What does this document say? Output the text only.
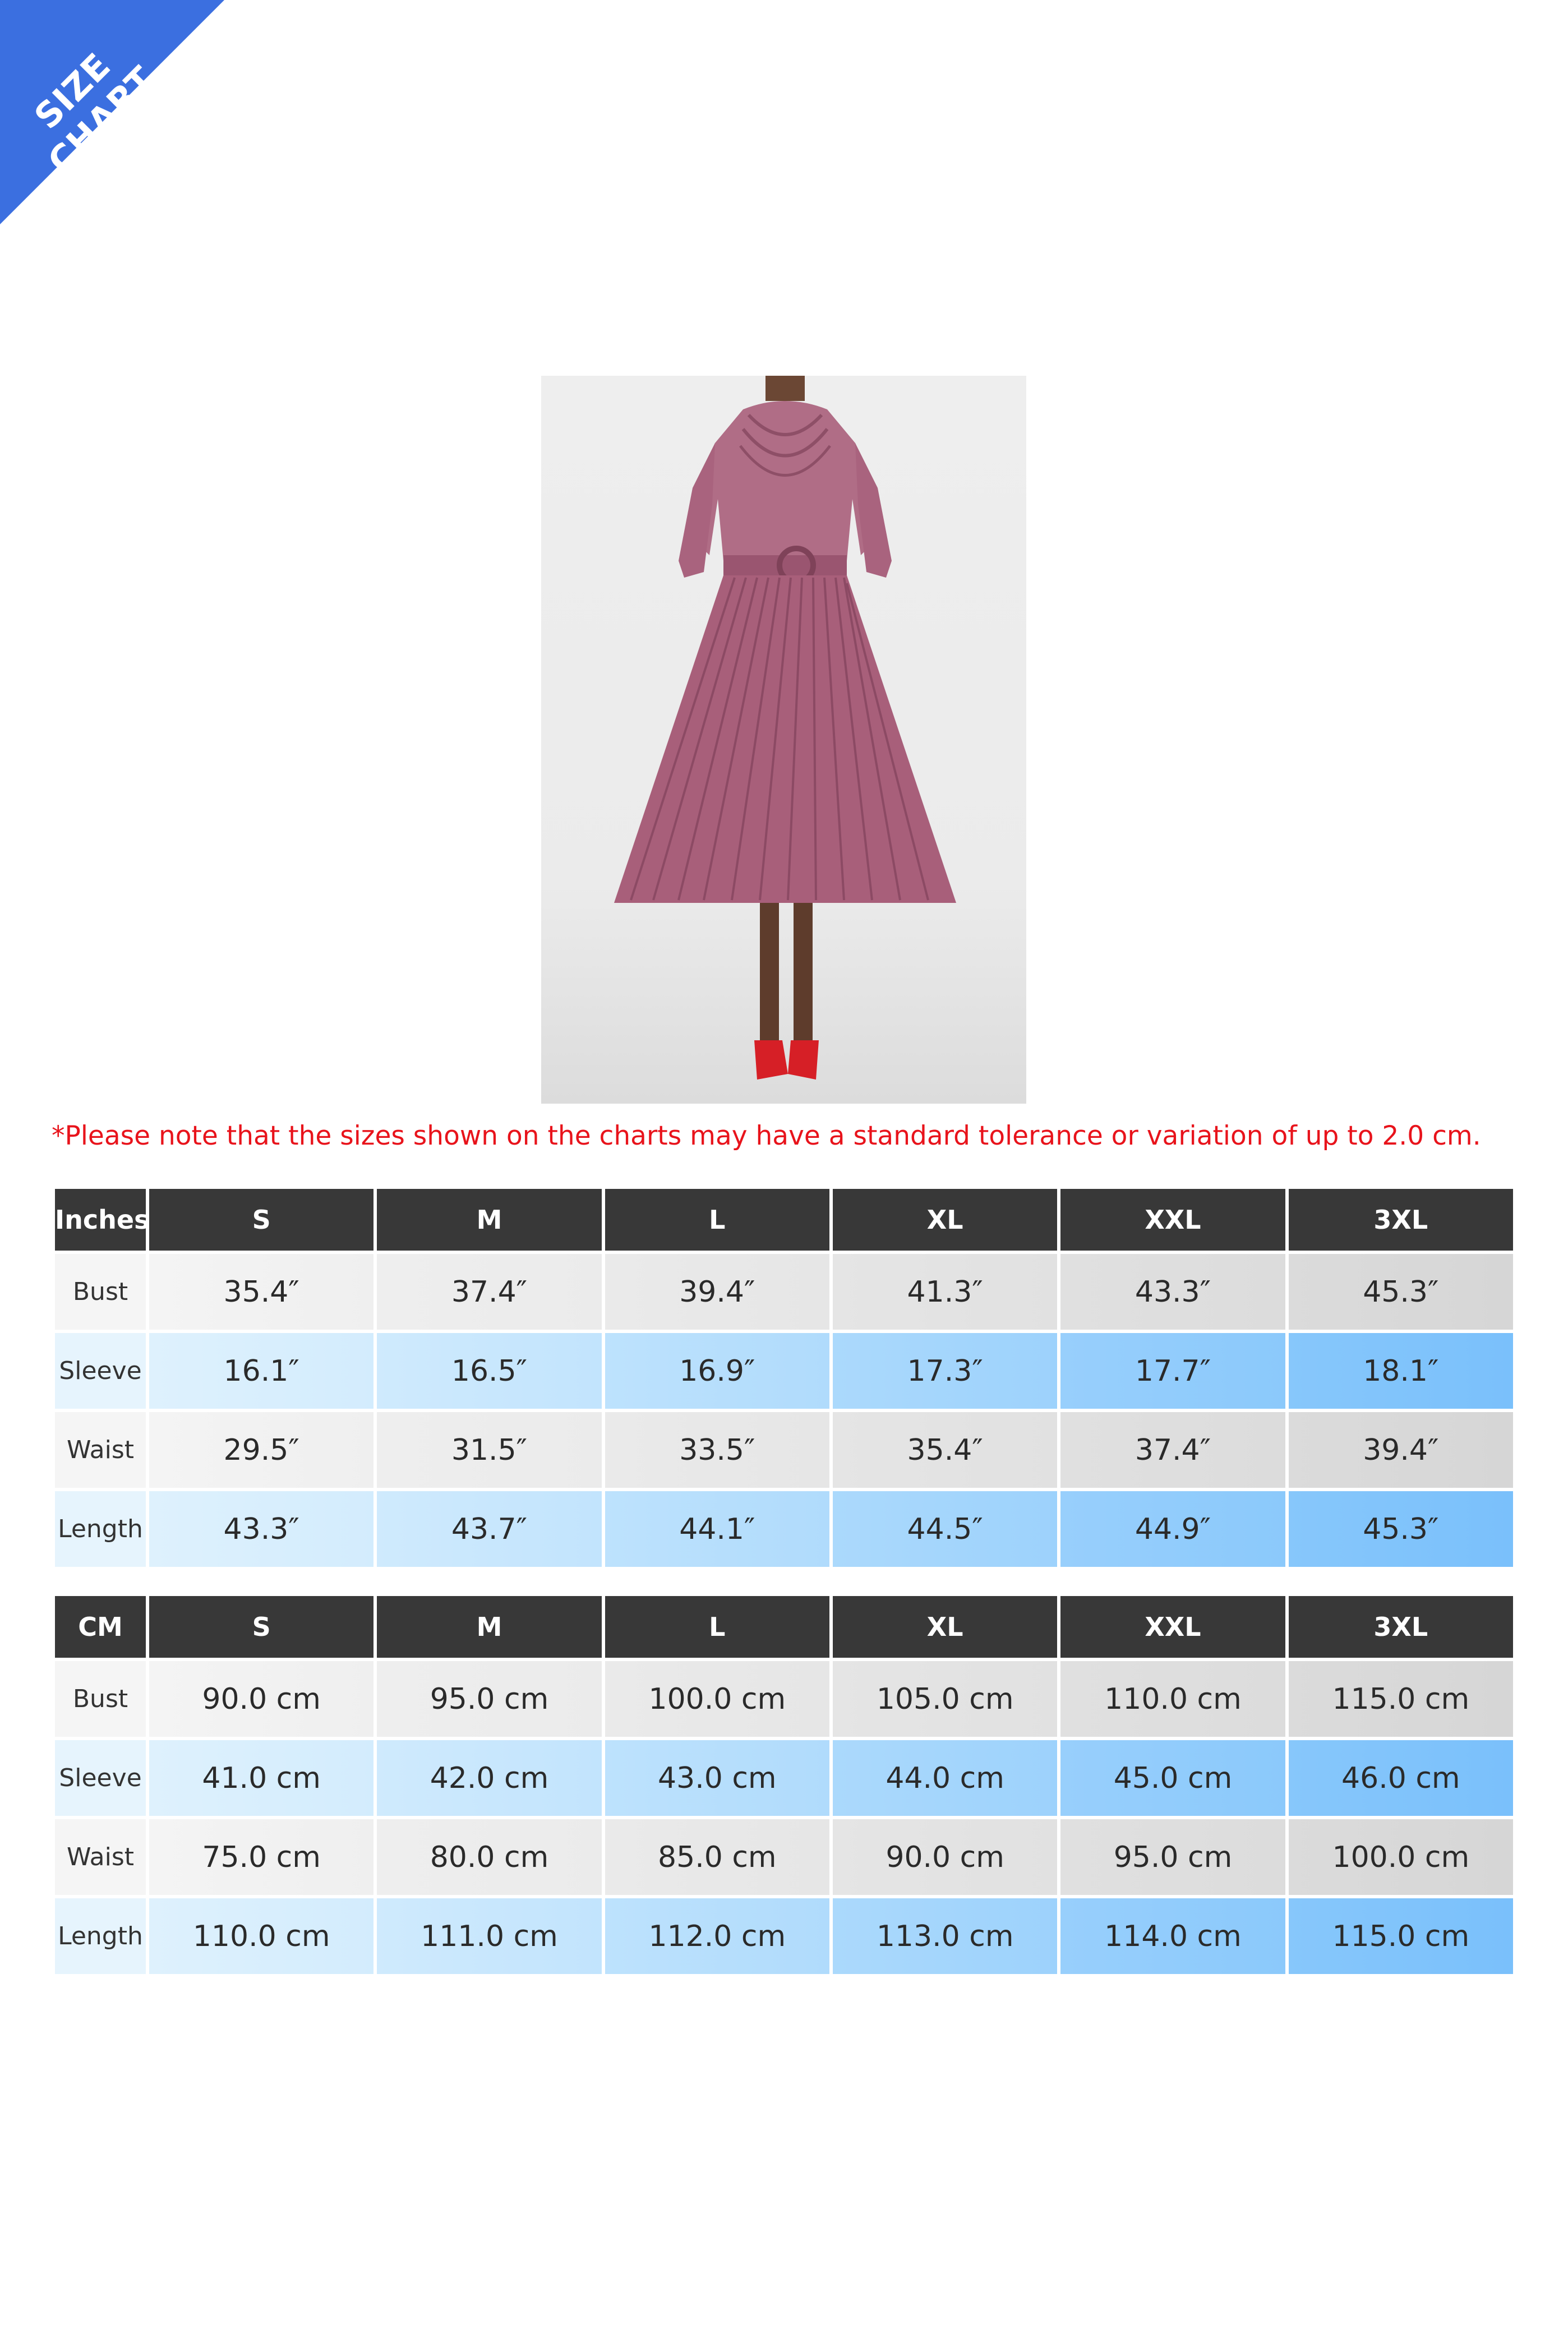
SIZE CHART
*Please note that the sizes shown on the charts may have a standard tolerance or variation of up to 2.0 cm.
Inches	S	M	L	XL	XXL	3XL
Bust	35.4″	37.4″	39.4″	41.3″	43.3″	45.3″
Sleeve	16.1″	16.5″	16.9″	17.3″	17.7″	18.1″
Waist	29.5″	31.5″	33.5″	35.4″	37.4″	39.4″
Length	43.3″	43.7″	44.1″	44.5″	44.9″	45.3″
CM	S	M	L	XL	XXL	3XL
Bust	90.0 cm	95.0 cm	100.0 cm	105.0 cm	110.0 cm	115.0 cm
Sleeve	41.0 cm	42.0 cm	43.0 cm	44.0 cm	45.0 cm	46.0 cm
Waist	75.0 cm	80.0 cm	85.0 cm	90.0 cm	95.0 cm	100.0 cm
Length	110.0 cm	111.0 cm	112.0 cm	113.0 cm	114.0 cm	115.0 cm
